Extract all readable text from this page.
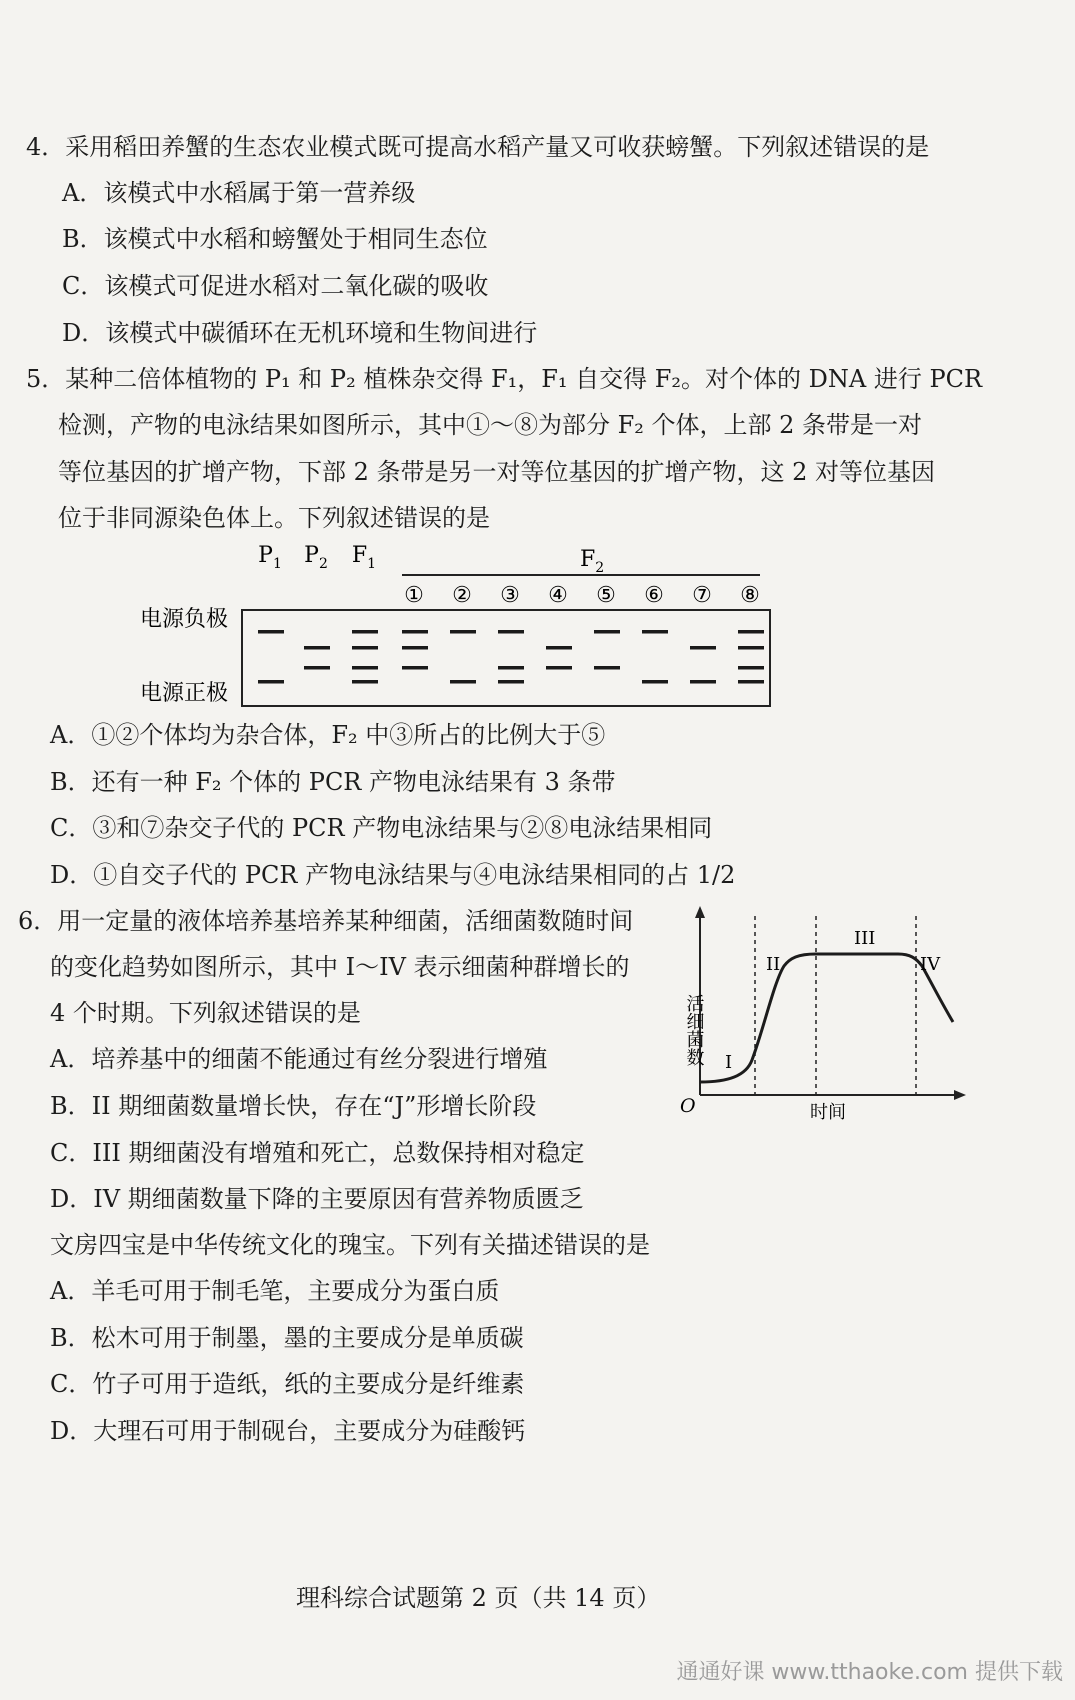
4．采用稻田养蟹的生态农业模式既可提高水稻产量又可收获螃蟹。下列叙述错误的是
A．该模式中水稻属于第一营养级
B．该模式中水稻和螃蟹处于相同生态位
C．该模式可促进水稻对二氧化碳的吸收
D．该模式中碳循环在无机环境和生物间进行
5．某种二倍体植物的 P₁ 和 P₂ 植株杂交得 F₁，F₁ 自交得 F₂。对个体的 DNA 进行 PCR
检测，产物的电泳结果如图所示，其中①～⑧为部分 F₂ 个体，上部 2 条带是一对
等位基因的扩增产物，下部 2 条带是另一对等位基因的扩增产物，这 2 对等位基因
位于非同源染色体上。下列叙述错误的是
$P_1$ $P_2$ $F_1$
① ② ③ ④ ⑤ ⑥ ⑦ ⑧
$F_2$
电源负极
电源正极
A．①②个体均为杂合体，F₂ 中③所占的比例大于⑤
B．还有一种 F₂ 个体的 PCR 产物电泳结果有 3 条带
C．③和⑦杂交子代的 PCR 产物电泳结果与②⑧电泳结果相同
D．①自交子代的 PCR 产物电泳结果与④电泳结果相同的占 1/2
6．用一定量的液体培养基培养某种细菌，活细菌数随时间
的变化趋势如图所示，其中 I～IV 表示细菌种群增长的
4 个时期。下列叙述错误的是
A．培养基中的细菌不能通过有丝分裂进行增殖
B．II 期细菌数量增长快，存在“J”形增长阶段
C．III 期细菌没有增殖和死亡，总数保持相对稳定
D．IV 期细菌数量下降的主要原因有营养物质匮乏
活细菌数
时间
O
I
II
III
IV
文房四宝是中华传统文化的瑰宝。下列有关描述错误的是
A．羊毛可用于制毛笔，主要成分为蛋白质
B．松木可用于制墨，墨的主要成分是单质碳
C．竹子可用于造纸，纸的主要成分是纤维素
D．大理石可用于制砚台，主要成分为硅酸钙
理科综合试题第 2 页（共 14 页）
通通好课 www.tthaoke.com 提供下载
